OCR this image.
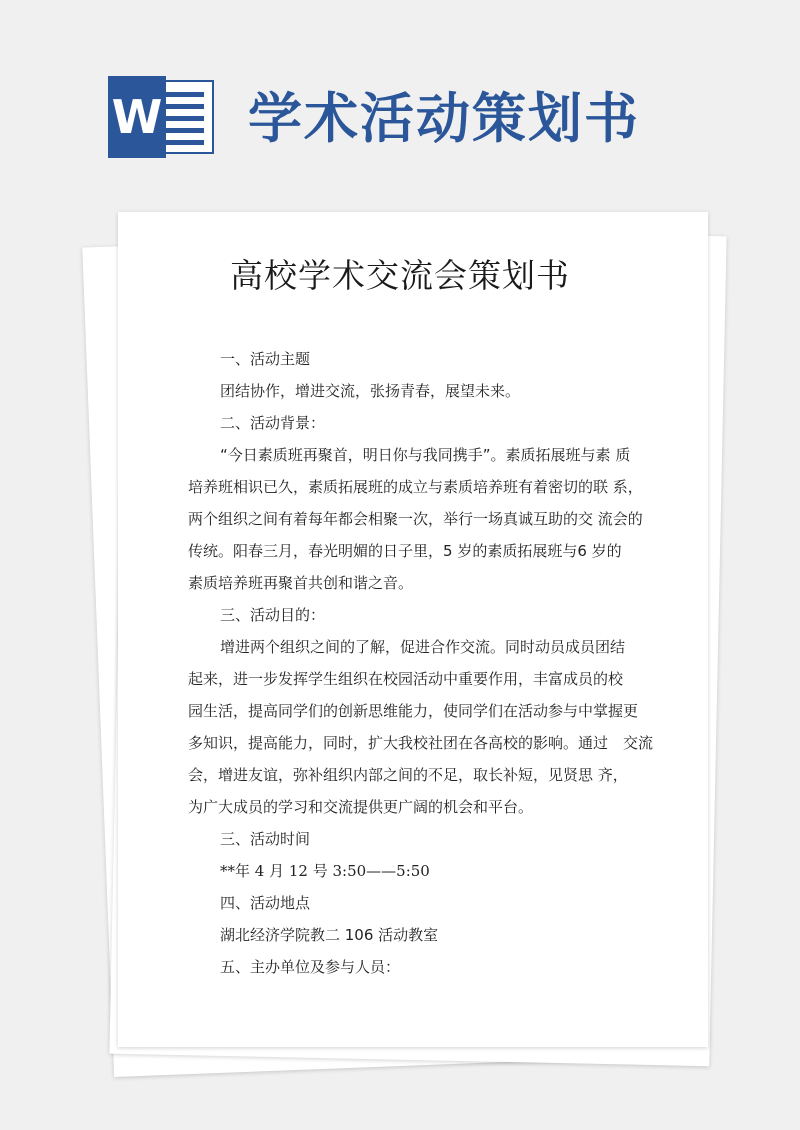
W 学术活动策划书
高校学术交流会策划书
一、活动主题
团结协作，增进交流，张扬青春，展望未来。
二、活动背景：
“今日素质班再聚首，明日你与我同携手”。素质拓展班与素 质
培养班相识已久，素质拓展班的成立与素质培养班有着密切的联 系，
两个组织之间有着每年都会相聚一次，举行一场真诚互助的交 流会的
传统。阳春三月，春光明媚的日子里，5 岁的素质拓展班与6 岁的
素质培养班再聚首共创和谐之音。
三、活动目的：
增进两个组织之间的了解，促进合作交流。同时动员成员团结
起来，进一步发挥学生组织在校园活动中重要作用，丰富成员的校
园生活，提高同学们的创新思维能力，使同学们在活动参与中掌握更
多知识，提高能力，同时，扩大我校社团在各高校的影响。通过　交流
会，增进友谊，弥补组织内部之间的不足，取长补短，见贤思 齐，
为广大成员的学习和交流提供更广阔的机会和平台。
三、活动时间
**年 4 月 12 号 3:50——5:50
四、活动地点
湖北经济学院教二 106 活动教室
五、主办单位及参与人员：
